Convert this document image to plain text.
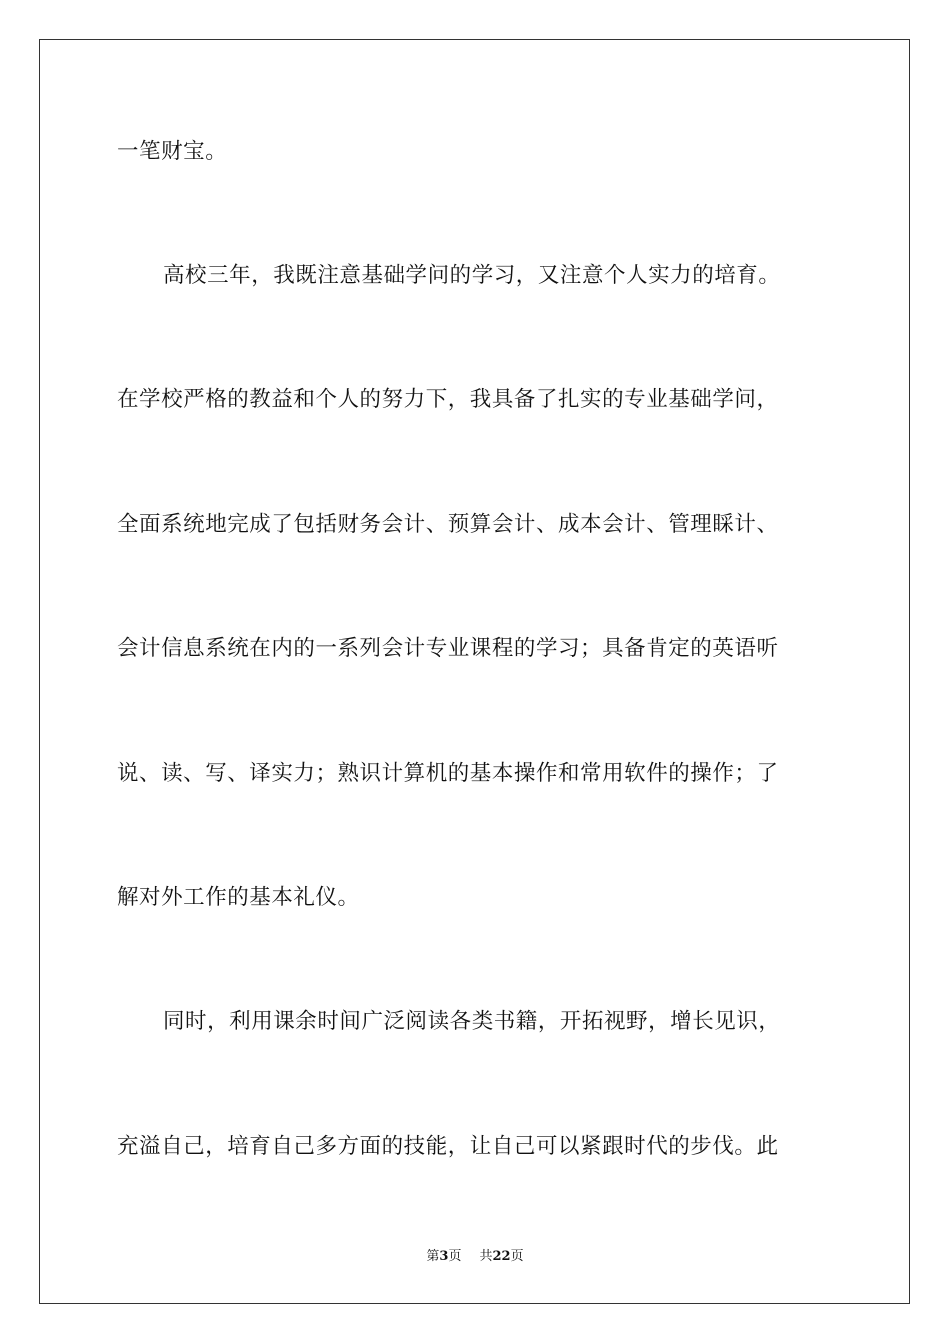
一笔财宝。
高校三年，我既注意基础学问的学习，又注意个人实力的培育。
在学校严格的教益和个人的努力下，我具备了扎实的专业基础学问，
全面系统地完成了包括财务会计、预算会计、成本会计、管理睬计、
会计信息系统在内的一系列会计专业课程的学习；具备肯定的英语听
说、读、写、译实力；熟识计算机的基本操作和常用软件的操作；了
解对外工作的基本礼仪。
同时，利用课余时间广泛阅读各类书籍，开拓视野，增长见识，
充溢自己，培育自己多方面的技能，让自己可以紧跟时代的步伐。此
第3页 共22页
